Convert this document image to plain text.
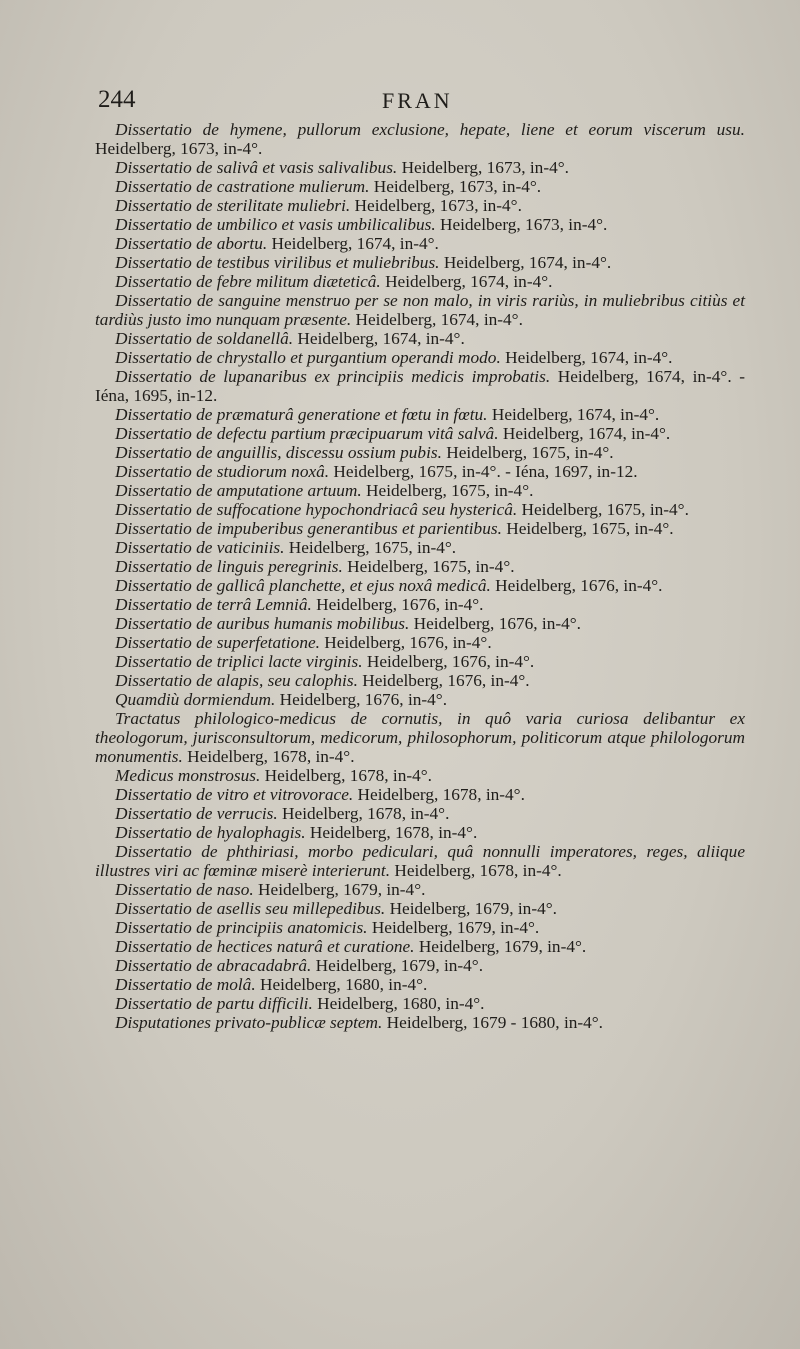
244	FRAN

Dissertatio de hymene, pullorum exclusione, hepate, liene et eorum viscerum usu. Heidelberg, 1673, in-4°.

Dissertatio de salivâ et vasis salivalibus. Heidelberg, 1673, in-4°.

Dissertatio de castratione mulierum. Heidelberg, 1673, in-4°.

Dissertatio de sterilitate muliebri. Heidelberg, 1673, in-4°.

Dissertatio de umbilico et vasis umbilicalibus. Heidelberg, 1673, in-4°.

Dissertatio de abortu. Heidelberg, 1674, in-4°.

Dissertatio de testibus virilibus et muliebribus. Heidelberg, 1674, in-4°.

Dissertatio de febre militum diæteticâ. Heidelberg, 1674, in-4°.

Dissertatio de sanguine menstruo per se non malo, in viris rariùs, in muliebribus citiùs et tardiùs justo imo nunquam præsente. Heidelberg, 1674, in-4°.

Dissertatio de soldanellâ. Heidelberg, 1674, in-4°.

Dissertatio de chrystallo et purgantium operandi modo. Heidelberg, 1674, in-4°.

Dissertatio de lupanaribus ex principiis medicis improbatis. Heidelberg, 1674, in-4°. - Iéna, 1695, in-12.

Dissertatio de præmaturâ generatione et fœtu in fœtu. Heidelberg, 1674, in-4°.

Dissertatio de defectu partium præcipuarum vitâ salvâ. Heidelberg, 1674, in-4°.

Dissertatio de anguillis, discessu ossium pubis. Heidelberg, 1675, in-4°.

Dissertatio de studiorum noxâ. Heidelberg, 1675, in-4°. - Iéna, 1697, in-12.

Dissertatio de amputatione artuum. Heidelberg, 1675, in-4°.

Dissertatio de suffocatione hypochondriacâ seu hystericâ. Heidelberg, 1675, in-4°.

Dissertatio de impuberibus generantibus et parientibus. Heidelberg, 1675, in-4°.

Dissertatio de vaticiniis. Heidelberg, 1675, in-4°.

Dissertatio de linguis peregrinis. Heidelberg, 1675, in-4°.

Dissertatio de gallicâ planchette, et ejus noxâ medicâ. Heidelberg, 1676, in-4°.

Dissertatio de terrâ Lemniâ. Heidelberg, 1676, in-4°.

Dissertatio de auribus humanis mobilibus. Heidelberg, 1676, in-4°.

Dissertatio de superfetatione. Heidelberg, 1676, in-4°.

Dissertatio de triplici lacte virginis. Heidelberg, 1676, in-4°.

Dissertatio de alapis, seu calophis. Heidelberg, 1676, in-4°.

Quamdiù dormiendum. Heidelberg, 1676, in-4°.

Tractatus philologico-medicus de cornutis, in quô varia curiosa delibantur ex theologorum, jurisconsultorum, medicorum, philosophorum, politicorum atque philologorum monumentis. Heidelberg, 1678, in-4°.

Medicus monstrosus. Heidelberg, 1678, in-4°.

Dissertatio de vitro et vitrovorace. Heidelberg, 1678, in-4°.

Dissertatio de verrucis. Heidelberg, 1678, in-4°.

Dissertatio de hyalophagis. Heidelberg, 1678, in-4°.

Dissertatio de phthiriasi, morbo pediculari, quâ nonnulli imperatores, reges, aliique illustres viri ac fœminæ miserè interierunt. Heidelberg, 1678, in-4°.

Dissertatio de naso. Heidelberg, 1679, in-4°.

Dissertatio de asellis seu millepedibus. Heidelberg, 1679, in-4°.

Dissertatio de principiis anatomicis. Heidelberg, 1679, in-4°.

Dissertatio de hectices naturâ et curatione. Heidelberg, 1679, in-4°.

Dissertatio de abracadabrâ. Heidelberg, 1679, in-4°.

Dissertatio de molâ. Heidelberg, 1680, in-4°.

Dissertatio de partu difficili. Heidelberg, 1680, in-4°.

Disputationes privato-publicæ septem. Heidelberg, 1679 - 1680, in-4°.
